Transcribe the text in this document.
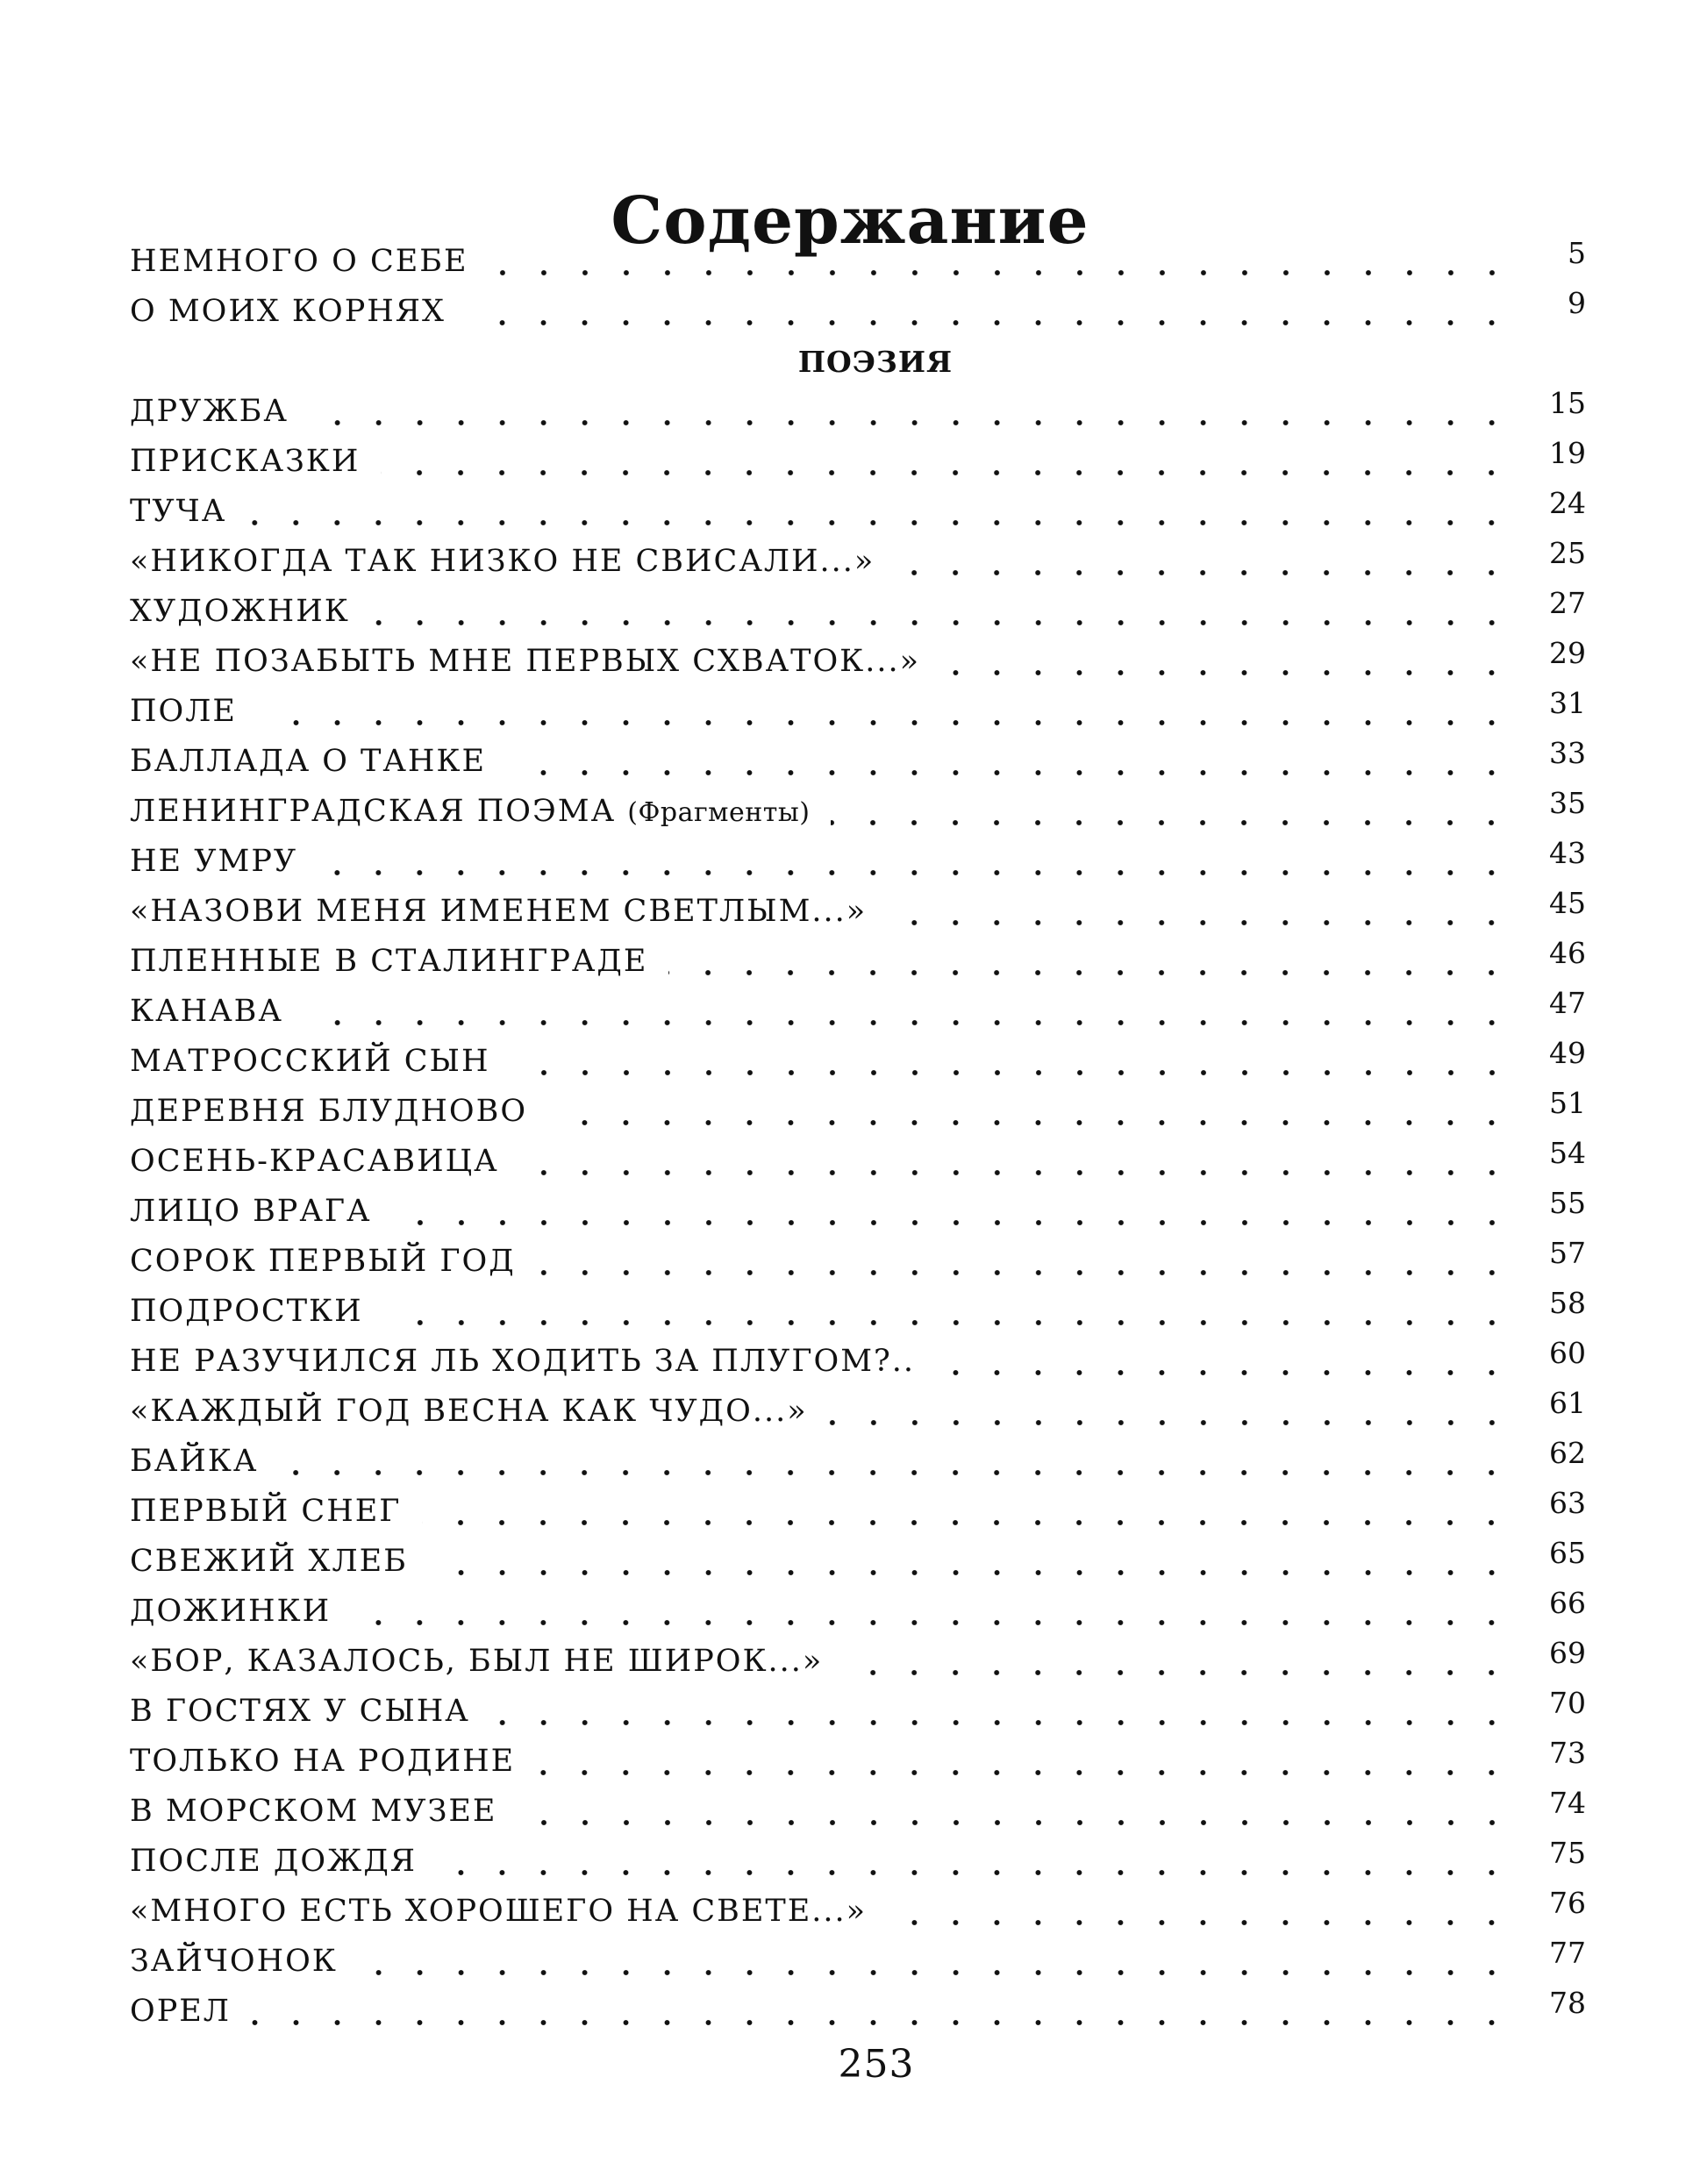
Содержание
НЕМНОГО О СЕБЕ	5
О МОИХ КОРНЯХ	9
ПОЭЗИЯ
ДРУЖБА	15
ПРИСКАЗКИ	19
ТУЧА	24
«НИКОГДА ТАК НИЗКО НЕ СВИСАЛИ...»	25
ХУДОЖНИК	27
«НЕ ПОЗАБЫТЬ МНЕ ПЕРВЫХ СХВАТОК...»	29
ПОЛЕ	31
БАЛЛАДА О ТАНКЕ	33
ЛЕНИНГРАДСКАЯ ПОЭМА (Фрагменты)	35
НЕ УМРУ	43
«НАЗОВИ МЕНЯ ИМЕНЕМ СВЕТЛЫМ...»	45
ПЛЕННЫЕ В СТАЛИНГРАДЕ	46
КАНАВА	47
МАТРОССКИЙ СЫН	49
ДЕРЕВНЯ БЛУДНОВО	51
ОСЕНЬ-КРАСАВИЦА	54
ЛИЦО ВРАГА	55
СОРОК ПЕРВЫЙ ГОД	57
ПОДРОСТКИ	58
НЕ РАЗУЧИЛСЯ ЛЬ ХОДИТЬ ЗА ПЛУГОМ?..	60
«КАЖДЫЙ ГОД ВЕСНА КАК ЧУДО...»	61
БАЙКА	62
ПЕРВЫЙ СНЕГ	63
СВЕЖИЙ ХЛЕБ	65
ДОЖИНКИ	66
«БОР, КАЗАЛОСЬ, БЫЛ НЕ ШИРОК...»	69
В ГОСТЯХ У СЫНА	70
ТОЛЬКО НА РОДИНЕ	73
В МОРСКОМ МУЗЕЕ	74
ПОСЛЕ ДОЖДЯ	75
«МНОГО ЕСТЬ ХОРОШЕГО НА СВЕТЕ...»	76
ЗАЙЧОНОК	77
ОРЕЛ	78
253
